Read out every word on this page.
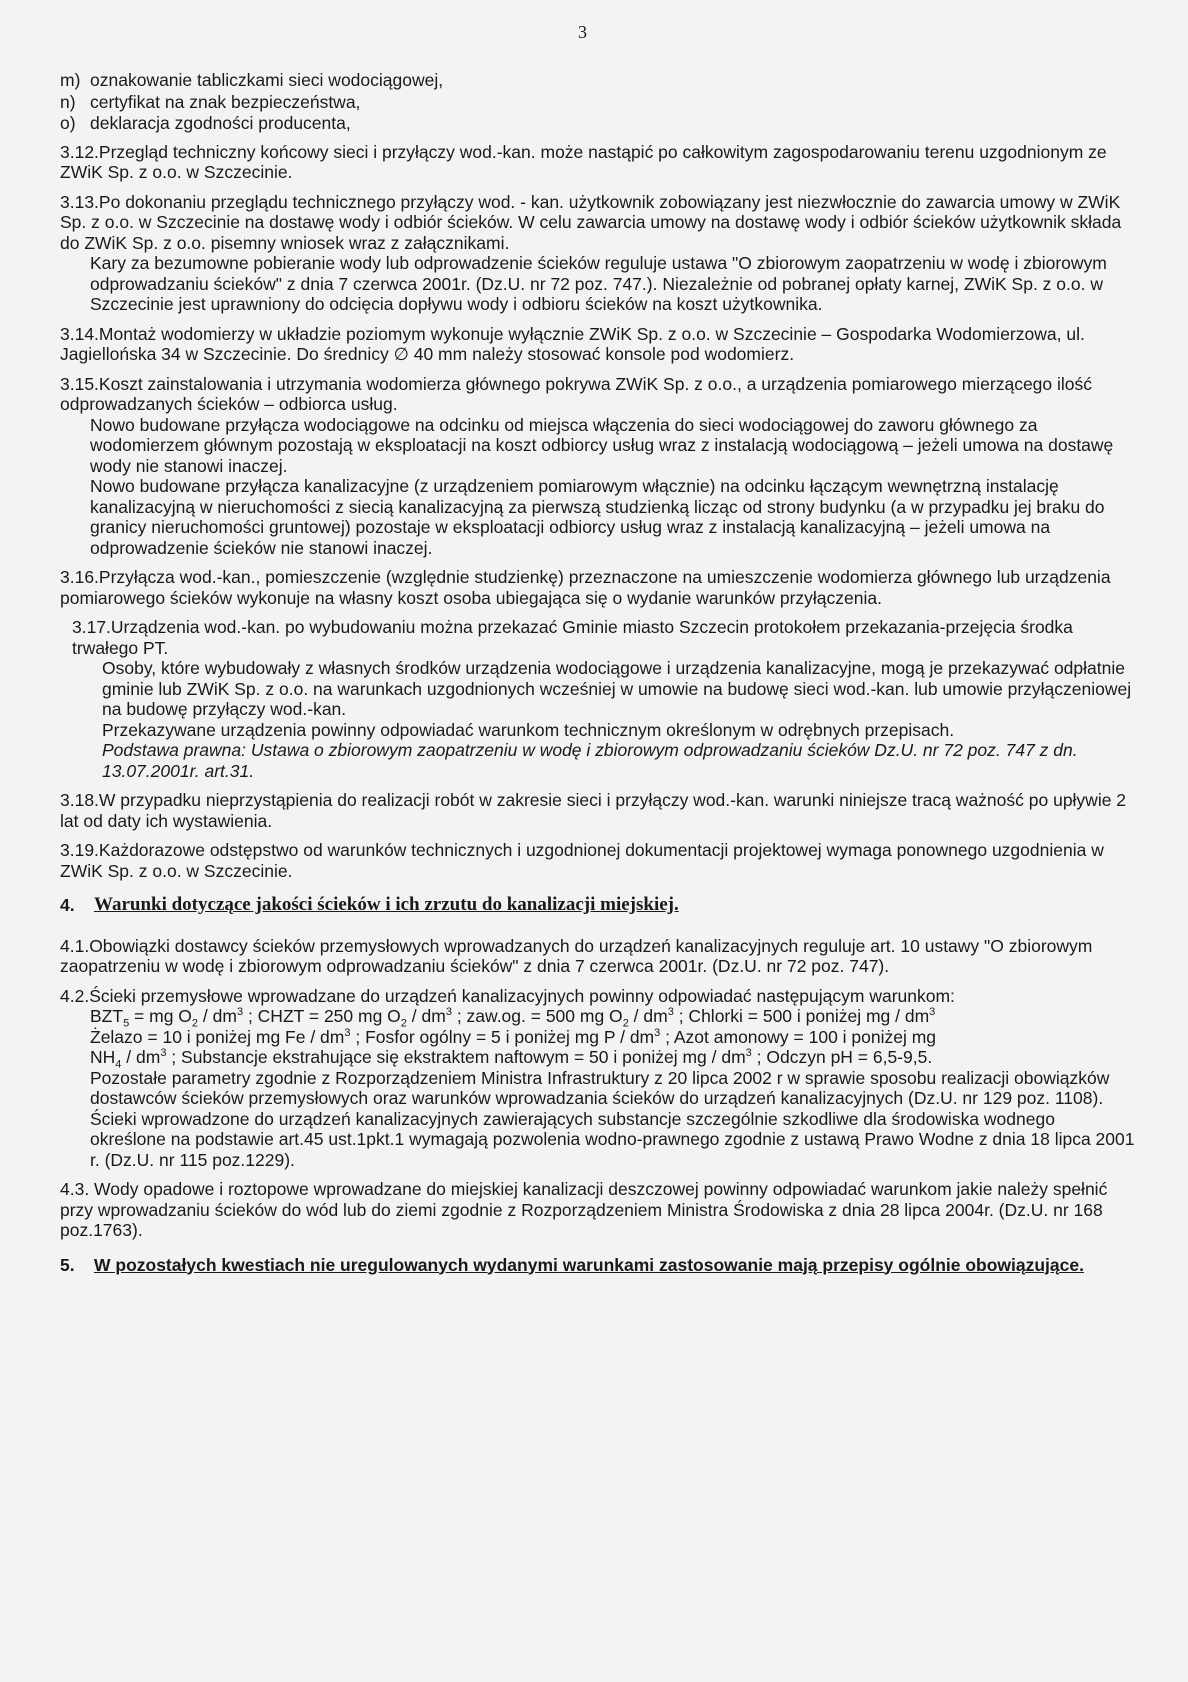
3
m) oznakowanie tabliczkami sieci wodociągowej,
n) certyfikat na znak bezpieczeństwa,
o) deklaracja zgodności producenta,
3.12.Przegląd techniczny końcowy sieci i przyłączy wod.-kan. może nastąpić po całkowitym zagospodarowaniu terenu uzgodnionym ze ZWiK Sp. z o.o. w Szczecinie.
3.13.Po dokonaniu przeglądu technicznego przyłączy wod. - kan. użytkownik zobowiązany jest niezwłocznie do zawarcia umowy w ZWiK Sp. z o.o. w Szczecinie na dostawę wody i odbiór ścieków. W celu zawarcia umowy na dostawę wody i odbiór ścieków użytkownik składa do ZWiK Sp. z o.o. pisemny wniosek wraz z załącznikami.
Kary za bezumowne pobieranie wody lub odprowadzenie ścieków reguluje ustawa "O zbiorowym zaopatrzeniu w wodę i zbiorowym odprowadzaniu ścieków" z dnia 7 czerwca 2001r. (Dz.U. nr 72 poz. 747.). Niezależnie od pobranej opłaty karnej, ZWiK Sp. z o.o. w Szczecinie jest uprawniony do odcięcia dopływu wody i odbioru ścieków na koszt użytkownika.
3.14.Montaż wodomierzy w układzie poziomym wykonuje wyłącznie ZWiK Sp. z o.o. w Szczecinie – Gospodarka Wodomierzowa, ul. Jagiellońska 34 w Szczecinie. Do średnicy ∅ 40 mm należy stosować konsole pod wodomierz.
3.15.Koszt zainstalowania i utrzymania wodomierza głównego pokrywa ZWiK Sp. z o.o., a urządzenia pomiarowego mierzącego ilość odprowadzanych ścieków – odbiorca usług.
Nowo budowane przyłącza wodociągowe na odcinku od miejsca włączenia do sieci wodociągowej do zaworu głównego za wodomierzem głównym pozostają w eksploatacji na koszt odbiorcy usług wraz z instalacją wodociągową – jeżeli umowa na dostawę wody nie stanowi inaczej.
Nowo budowane przyłącza kanalizacyjne (z urządzeniem pomiarowym włącznie) na odcinku łączącym wewnętrzną instalację kanalizacyjną w nieruchomości z siecią kanalizacyjną za pierwszą studzienką licząc od strony budynku (a w przypadku jej braku do granicy nieruchomości gruntowej) pozostaje w eksploatacji odbiorcy usług wraz z instalacją kanalizacyjną – jeżeli umowa na odprowadzenie ścieków nie stanowi inaczej.
3.16.Przyłącza wod.-kan., pomieszczenie (względnie studzienkę) przeznaczone na umieszczenie wodomierza głównego lub urządzenia pomiarowego ścieków wykonuje na własny koszt osoba ubiegająca się o wydanie warunków przyłączenia.
3.17.Urządzenia wod.-kan. po wybudowaniu można przekazać Gminie miasto Szczecin protokołem przekazania-przejęcia środka trwałego PT.
Osoby, które wybudowały z własnych środków urządzenia wodociągowe i urządzenia kanalizacyjne, mogą je przekazywać odpłatnie gminie lub ZWiK Sp. z o.o. na warunkach uzgodnionych wcześniej w umowie na budowę sieci wod.-kan. lub umowie przyłączeniowej na budowę przyłączy wod.-kan.
Przekazywane urządzenia powinny odpowiadać warunkom technicznym określonym w odrębnych przepisach.
Podstawa prawna: Ustawa o zbiorowym zaopatrzeniu w wodę i zbiorowym odprowadzaniu ścieków Dz.U. nr 72 poz. 747 z dn. 13.07.2001r. art.31.
3.18.W przypadku nieprzystąpienia do realizacji robót w zakresie sieci i przyłączy wod.-kan. warunki niniejsze tracą ważność po upływie 2 lat od daty ich wystawienia.
3.19.Każdorazowe odstępstwo od warunków technicznych i uzgodnionej dokumentacji projektowej wymaga ponownego uzgodnienia w ZWiK Sp. z o.o. w Szczecinie.
4.	Warunki dotyczące jakości ścieków i ich zrzutu do kanalizacji miejskiej.
4.1.Obowiązki dostawcy ścieków przemysłowych wprowadzanych do urządzeń kanalizacyjnych reguluje art. 10 ustawy "O zbiorowym zaopatrzeniu w wodę i zbiorowym odprowadzaniu ścieków" z dnia 7 czerwca 2001r. (Dz.U. nr 72 poz. 747).
4.2.Ścieki przemysłowe wprowadzane do urządzeń kanalizacyjnych powinny odpowiadać następującym warunkom:
$BZT_5$ = mg $O_2 / dm^3$ ; CHZT = 250 mg $O_2 / dm^3$ ; zaw.og. = 500 mg $O_2 / dm^3$ ; Chlorki = 500 i poniżej mg / $dm^3$
Żelazo = 10 i poniżej mg Fe / $dm^3$ ; Fosfor ogólny = 5 i poniżej mg P / $dm^3$ ; Azot amonowy = 100 i poniżej mg
$NH_4 / dm^3$ ; Substancje ekstrahujące się ekstraktem naftowym = 50 i poniżej mg / $dm^3$ ; Odczyn pH = 6,5-9,5.
Pozostałe parametry zgodnie z Rozporządzeniem Ministra Infrastruktury z 20 lipca 2002 r w sprawie sposobu realizacji obowiązków dostawców ścieków przemysłowych oraz warunków wprowadzania ścieków do urządzeń kanalizacyjnych (Dz.U. nr 129 poz. 1108).
Ścieki wprowadzone do urządzeń kanalizacyjnych zawierających substancje szczególnie szkodliwe dla środowiska wodnego określone na podstawie art.45 ust.1pkt.1 wymagają pozwolenia wodno-prawnego zgodnie z ustawą Prawo Wodne z dnia 18 lipca 2001 r. (Dz.U. nr 115 poz.1229).
4.3. Wody opadowe i roztopowe wprowadzane do miejskiej kanalizacji deszczowej powinny odpowiadać warunkom jakie należy spełnić przy wprowadzaniu ścieków do wód lub do ziemi zgodnie z Rozporządzeniem Ministra Środowiska z dnia 28 lipca 2004r. (Dz.U. nr 168 poz.1763).
5.	W pozostałych kwestiach nie uregulowanych wydanymi warunkami zastosowanie mają przepisy ogólnie obowiązujące.
